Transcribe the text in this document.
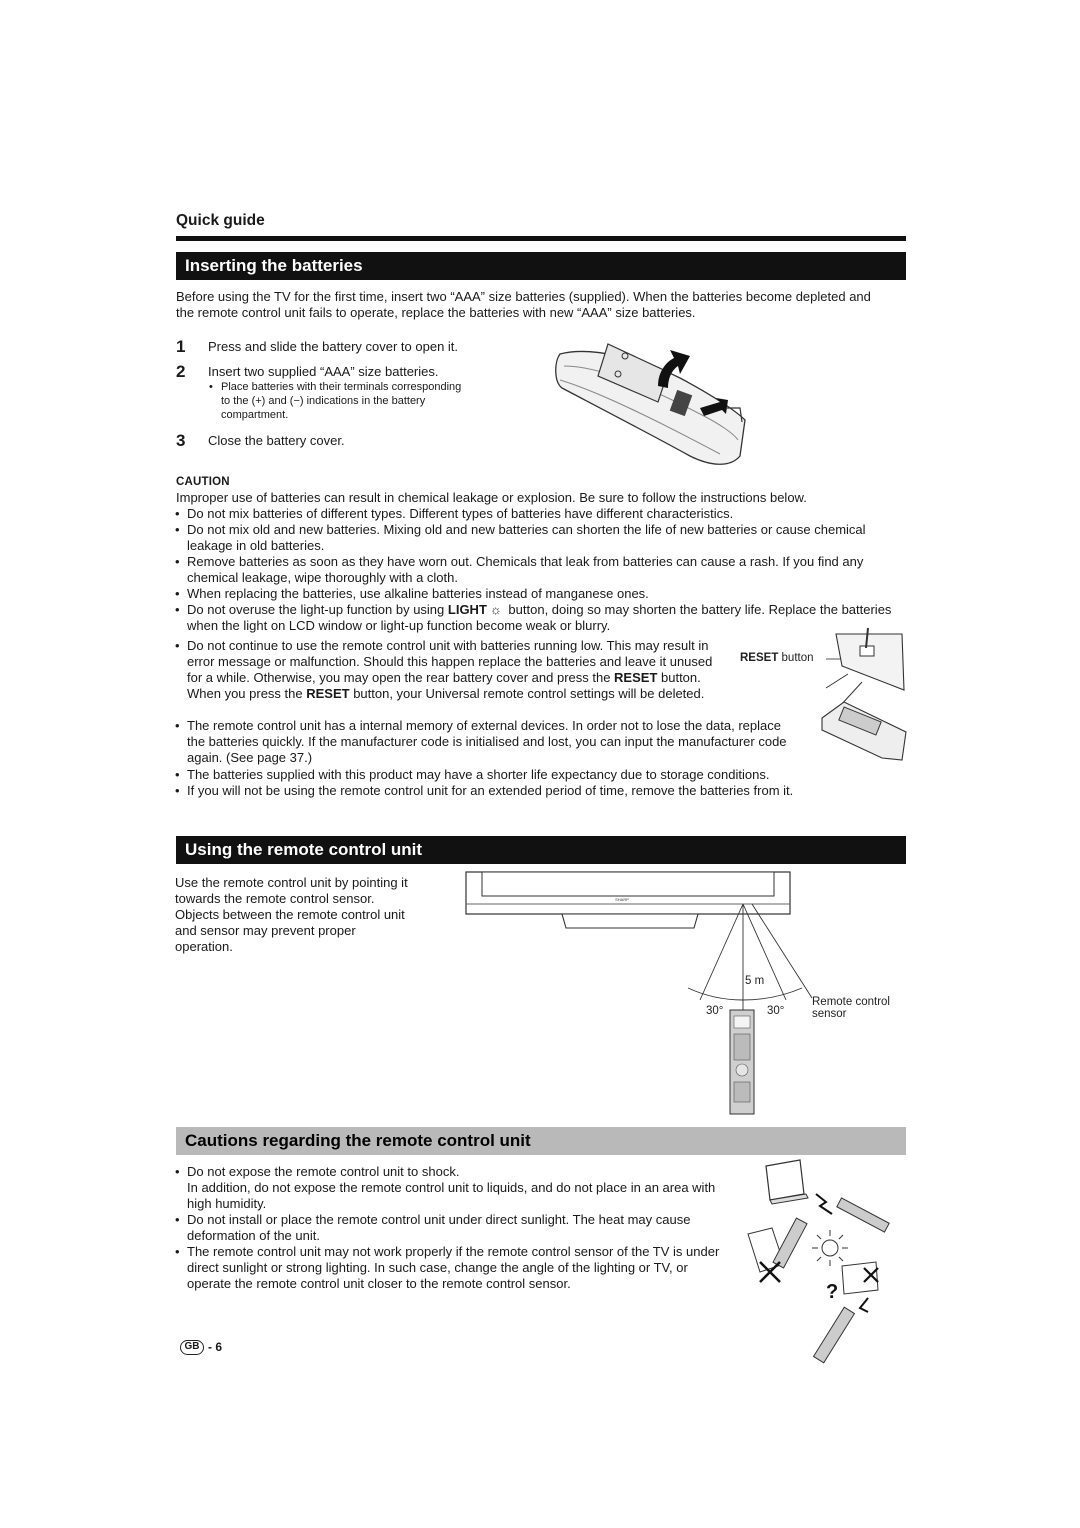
Quick guide
Inserting the batteries
Before using the TV for the first time, insert two “AAA” size batteries (supplied). When the batteries become depleted and the remote control unit fails to operate, replace the batteries with new “AAA” size batteries.
1 Press and slide the battery cover to open it.
2 Insert two supplied “AAA” size batteries.
• Place batteries with their terminals corresponding
to the (+) and (−) indications in the battery
compartment.
3 Close the battery cover.
CAUTION
Improper use of batteries can result in chemical leakage or explosion. Be sure to follow the instructions below.
• Do not mix batteries of different types. Different types of batteries have different characteristics.
• Do not mix old and new batteries. Mixing old and new batteries can shorten the life of new batteries or cause chemical leakage in old batteries.
• Remove batteries as soon as they have worn out. Chemicals that leak from batteries can cause a rash. If you find any chemical leakage, wipe thoroughly with a cloth.
• When replacing the batteries, use alkaline batteries instead of manganese ones.
• Do not overuse the light-up function by using LIGHT ☼ button, doing so may shorten the battery life. Replace the batteries when the light on LCD window or light-up function become weak or blurry.
• Do not continue to use the remote control unit with batteries running low. This may result in error message or malfunction. Should this happen replace the batteries and leave it unused for a while. Otherwise, you may open the rear battery cover and press the RESET button. When you press the RESET button, your Universal remote control settings will be deleted.
• The remote control unit has a internal memory of external devices. In order not to lose the data, replace the batteries quickly. If the manufacturer code is initialised and lost, you can input the manufacturer code again. (See page 37.)
• The batteries supplied with this product may have a shorter life expectancy due to storage conditions.
• If you will not be using the remote control unit for an extended period of time, remove the batteries from it.
RESET button
Using the remote control unit
Use the remote control unit by pointing it towards the remote control sensor. Objects between the remote control unit and sensor may prevent proper operation.
SHARP
5 m
30°	30°
Remote control
sensor
Cautions regarding the remote control unit
• Do not expose the remote control unit to shock.
In addition, do not expose the remote control unit to liquids, and do not place in an area with high humidity.
• Do not install or place the remote control unit under direct sunlight. The heat may cause deformation of the unit.
• The remote control unit may not work properly if the remote control sensor of the TV is under direct sunlight or strong lighting. In such case, change the angle of the lighting or TV, or operate the remote control unit closer to the remote control sensor.	?
GB - 6
